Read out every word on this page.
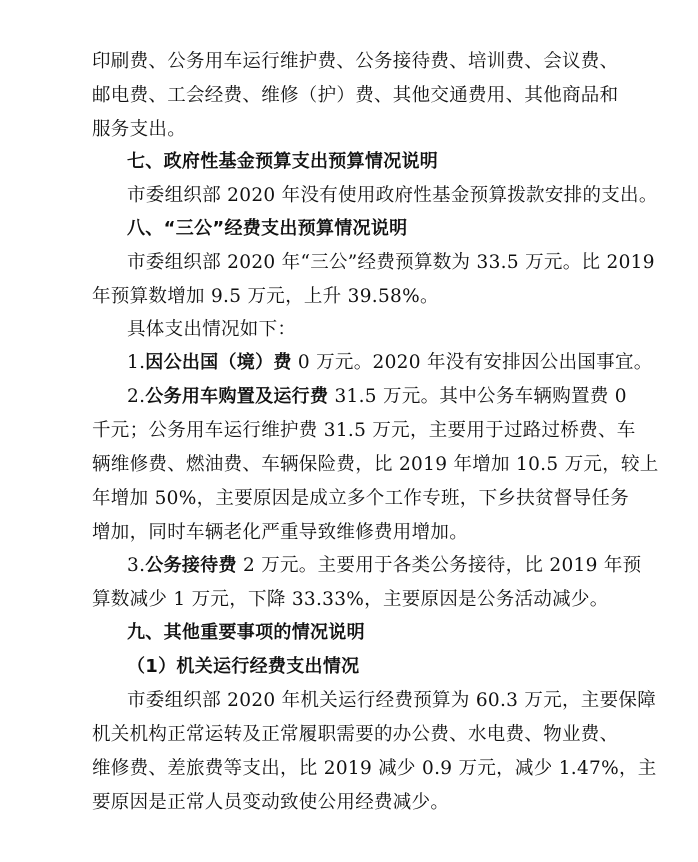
印刷费、公务用车运行维护费、公务接待费、培训费、会议费、
邮电费、工会经费、维修（护）费、其他交通费用、其他商品和
服务支出。
七、政府性基金预算支出预算情况说明
市委组织部 2020 年没有使用政府性基金预算拨款安排的支出。
八、“三公”经费支出预算情况说明
市委组织部 2020 年“三公”经费预算数为 33.5 万元。比 2019
年预算数增加 9.5 万元，上升 39.58%。
具体支出情况如下：
1.因公出国（境）费 0 万元。2020 年没有安排因公出国事宜。
2.公务用车购置及运行费 31.5 万元。其中公务车辆购置费 0
千元；公务用车运行维护费 31.5 万元，主要用于过路过桥费、车
辆维修费、燃油费、车辆保险费，比 2019 年增加 10.5 万元，较上
年增加 50%，主要原因是成立多个工作专班，下乡扶贫督导任务
增加，同时车辆老化严重导致维修费用增加。
3.公务接待费 2 万元。主要用于各类公务接待，比 2019 年预
算数减少 1 万元，下降 33.33%，主要原因是公务活动减少。
九、其他重要事项的情况说明
（1）机关运行经费支出情况
市委组织部 2020 年机关运行经费预算为 60.3 万元，主要保障
机关机构正常运转及正常履职需要的办公费、水电费、物业费、
维修费、差旅费等支出，比 2019 减少 0.9 万元，减少 1.47%，主
要原因是正常人员变动致使公用经费减少。
